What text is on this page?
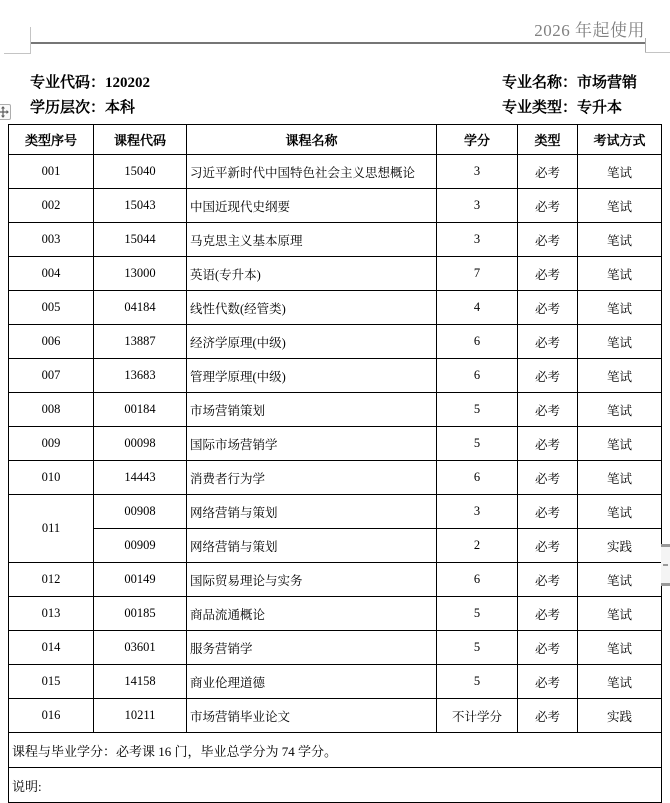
2026 年起使用
专业代码：120202
学历层次：本科
专业名称：市场营销
专业类型：专升本
类型序号	课程代码	课程名称	学分	类型	考试方式
001	15040	习近平新时代中国特色社会主义思想概论	3	必考	笔试
002	15043	中国近现代史纲要	3	必考	笔试
003	15044	马克思主义基本原理	3	必考	笔试
004	13000	英语(专升本)	7	必考	笔试
005	04184	线性代数(经管类)	4	必考	笔试
006	13887	经济学原理(中级)	6	必考	笔试
007	13683	管理学原理(中级)	6	必考	笔试
008	00184	市场营销策划	5	必考	笔试
009	00098	国际市场营销学	5	必考	笔试
010	14443	消费者行为学	6	必考	笔试
011	00908	网络营销与策划	3	必考	笔试
	00909	网络营销与策划	2	必考	实践
012	00149	国际贸易理论与实务	6	必考	笔试
013	00185	商品流通概论	5	必考	笔试
014	03601	服务营销学	5	必考	笔试
015	14158	商业伦理道德	5	必考	笔试
016	10211	市场营销毕业论文	不计学分	必考	实践
课程与毕业学分：必考课 16 门，毕业总学分为 74 学分。					
说明:					
